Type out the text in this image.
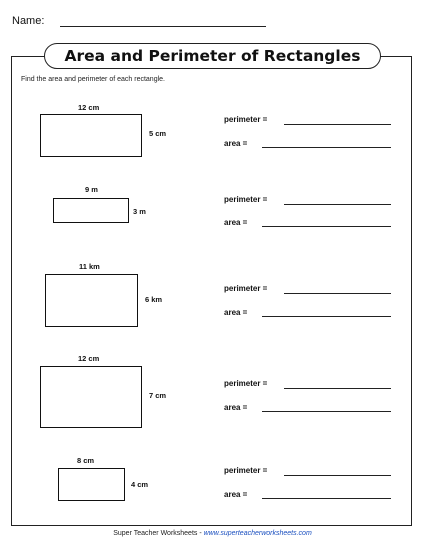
Name:
Area and Perimeter of Rectangles
Find the area and perimeter of each rectangle.
12 cm
5 cm
perimeter =
area =
9 m
3 m
perimeter =
area =
11 km
6 km
perimeter =
area =
12 cm
7 cm
perimeter =
area =
8 cm
4 cm
perimeter =
area =
Super Teacher Worksheets - www.superteacherworksheets.com
